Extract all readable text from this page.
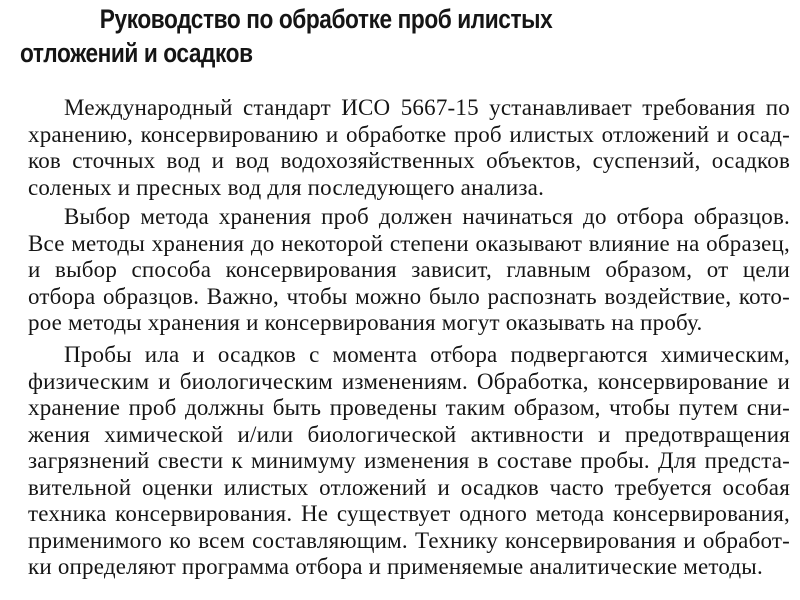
Руководство по обработке проб илистых
отложений и осадков

Международный стандарт ИСО 5667-15 устанавливает требования по
хранению, консервированию и обработке проб илистых отложений и осад-
ков сточных вод и вод водохозяйственных объектов, суспензий, осадков
соленых и пресных вод для последующего анализа.

Выбор метода хранения проб должен начинаться до отбора образцов.
Все методы хранения до некоторой степени оказывают влияние на образец,
и выбор способа консервирования зависит, главным образом, от цели
отбора образцов. Важно, чтобы можно было распознать воздействие, кото-
рое методы хранения и консервирования могут оказывать на пробу.

Пробы ила и осадков с момента отбора подвергаются химическим,
физическим и биологическим изменениям. Обработка, консервирование и
хранение проб должны быть проведены таким образом, чтобы путем сни-
жения химической и/или биологической активности и предотвращения
загрязнений свести к минимуму изменения в составе пробы. Для предста-
вительной оценки илистых отложений и осадков часто требуется особая
техника консервирования. Не существует одного метода консервирования,
применимого ко всем составляющим. Технику консервирования и обработ-
ки определяют программа отбора и применяемые аналитические методы.
